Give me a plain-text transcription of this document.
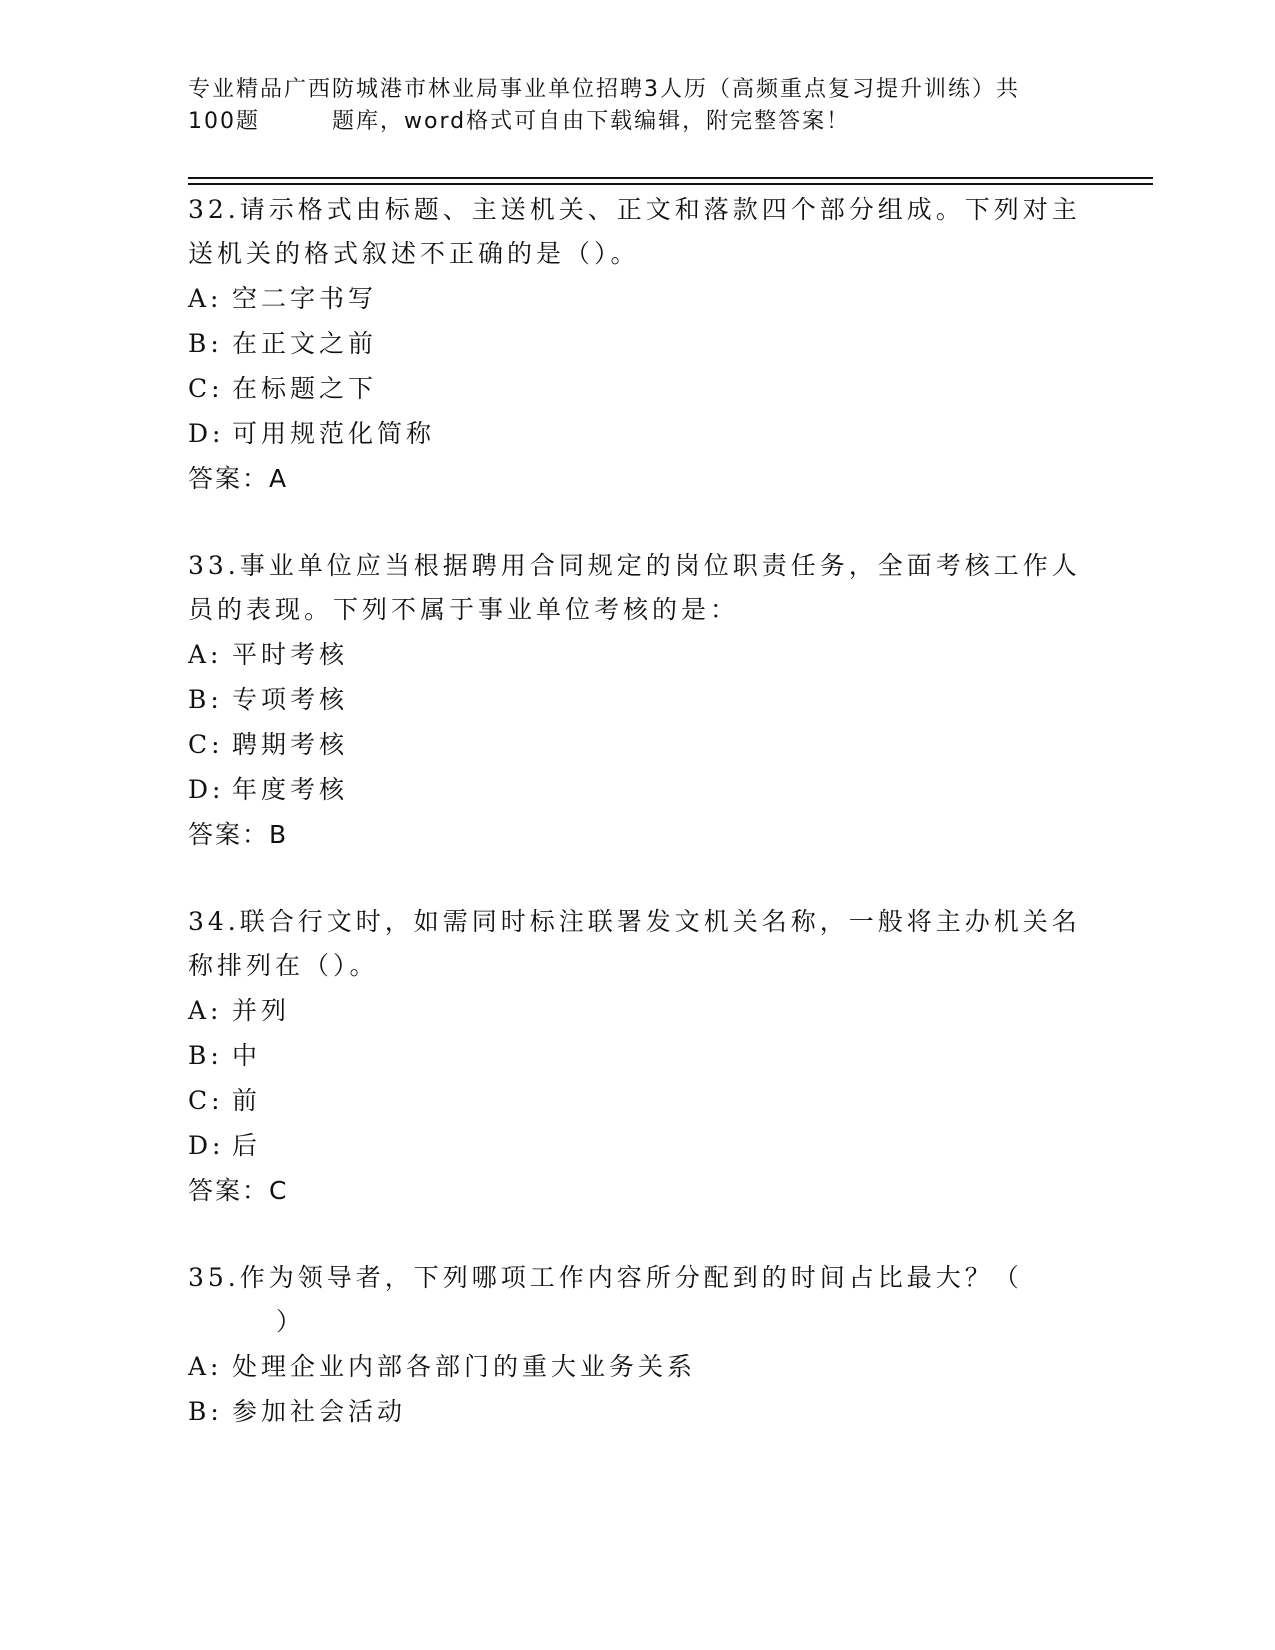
专业精品广西防城港市林业局事业单位招聘3人历（高频重点复习提升训练）共
100题	题库，word格式可自由下载编辑，附完整答案！

32.请示格式由标题、主送机关、正文和落款四个部分组成。下列对主
送机关的格式叙述不正确的是（）。

A: 空二字书写

B: 在正文之前

C: 在标题之下

D: 可用规范化简称

答案：A

33.事业单位应当根据聘用合同规定的岗位职责任务，全面考核工作人
员的表现。下列不属于事业单位考核的是：

A: 平时考核

B: 专项考核

C: 聘期考核

D: 年度考核

答案：B

34.联合行文时，如需同时标注联署发文机关名称，一般将主办机关名
称排列在（）。

A: 并列

B: 中

C: 前

D: 后

答案：C

35.作为领导者，下列哪项工作内容所分配到的时间占比最大？（
）

A: 处理企业内部各部门的重大业务关系

B: 参加社会活动
